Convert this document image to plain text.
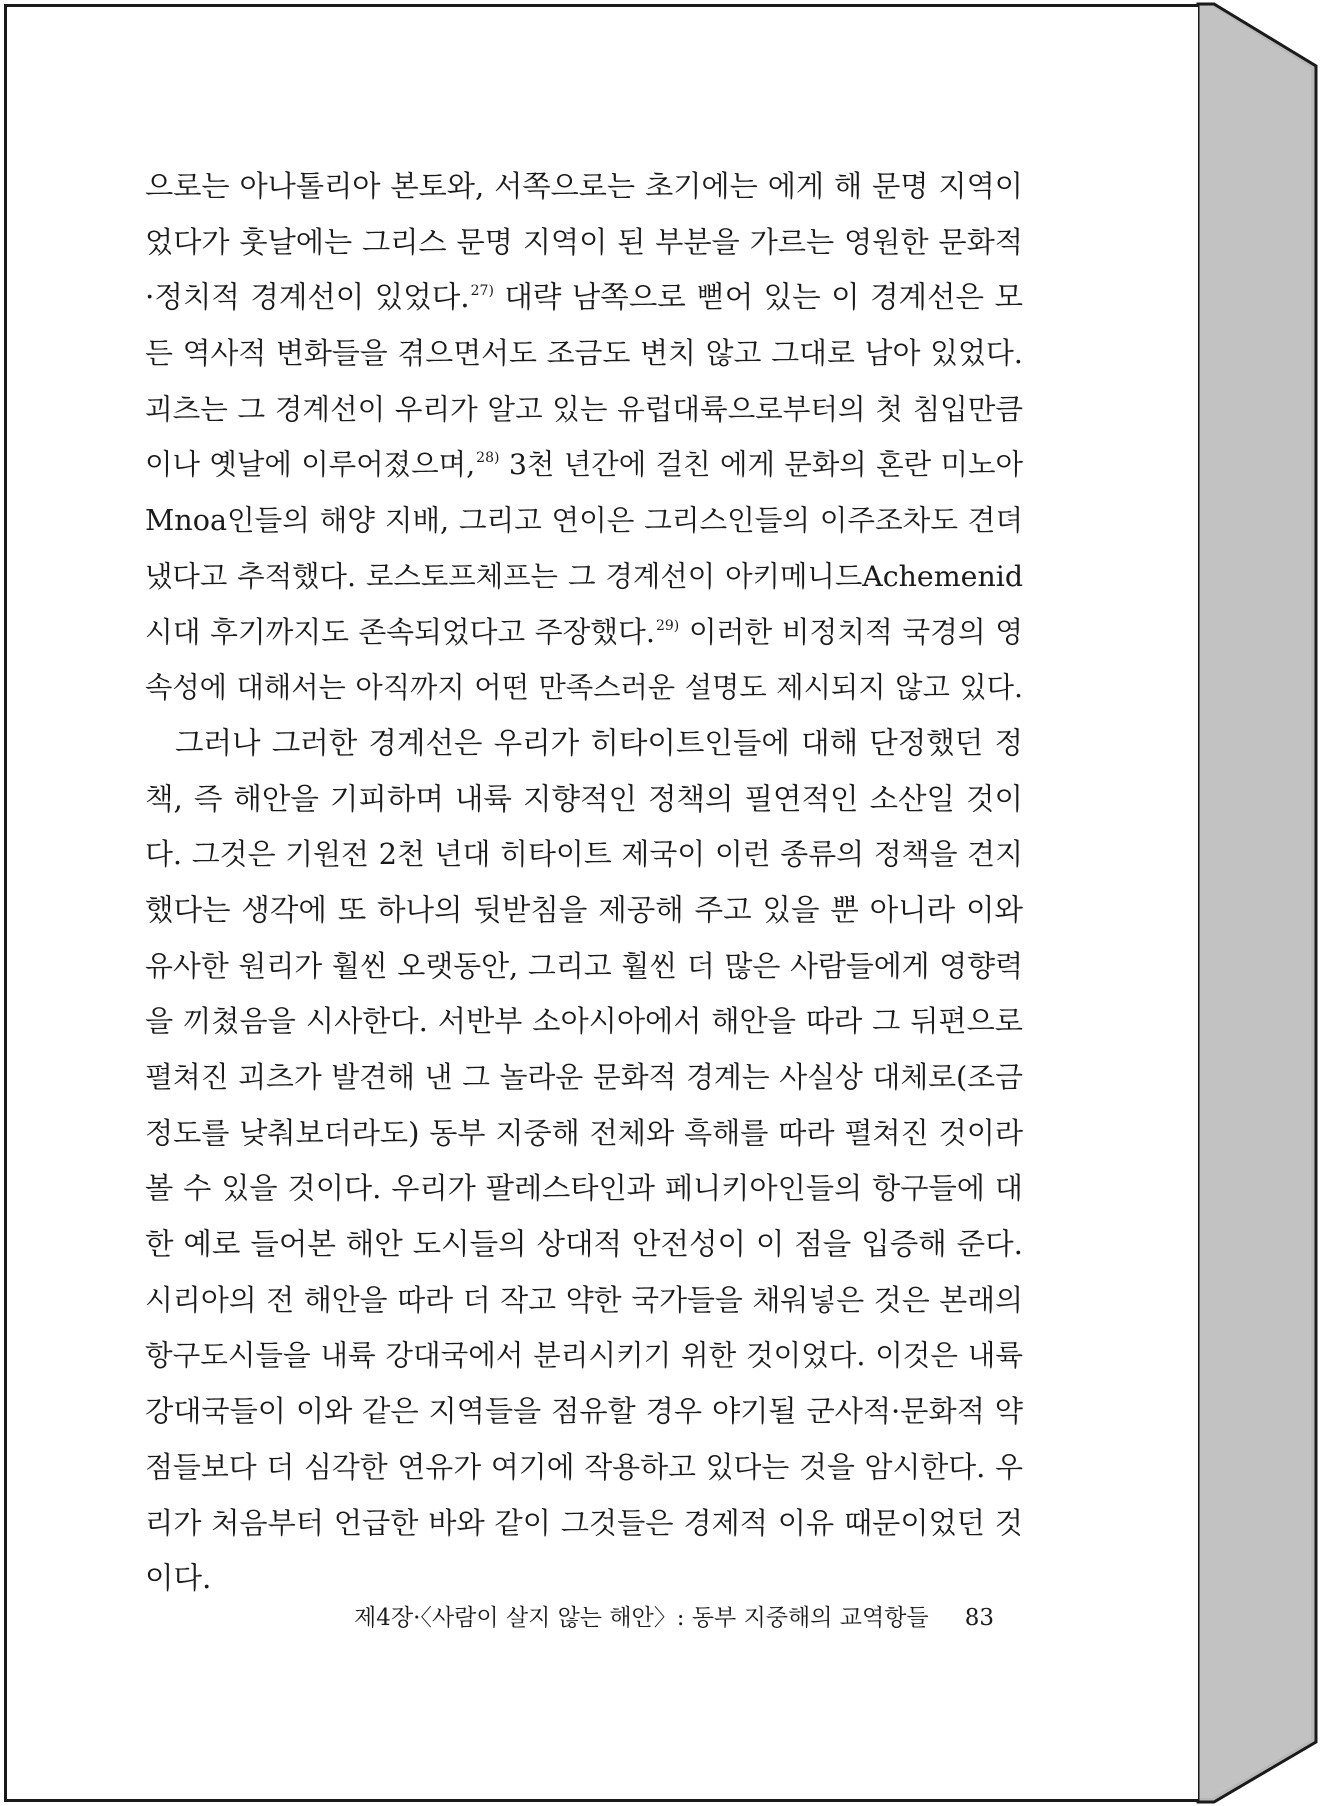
으로는 아나톨리아 본토와, 서쪽으로는 초기에는 에게 해 문명 지역이
었다가 훗날에는 그리스 문명 지역이 된 부분을 가르는 영원한 문화적
·정치적 경계선이 있었다.$^{27)}$ 대략 남쪽으로 뻗어 있는 이 경계선은 모
든 역사적 변화들을 겪으면서도 조금도 변치 않고 그대로 남아 있었다.
괴츠는 그 경계선이 우리가 알고 있는 유럽대륙으로부터의 첫 침입만큼
이나 옛날에 이루어졌으며,$^{28)}$ 3천 년간에 걸친 에게 문화의 혼란 미노아
Mnoa인들의 해양 지배, 그리고 연이은 그리스인들의 이주조차도 견뎌
냈다고 추적했다. 로스토프체프는 그 경계선이 아키메니드Achemenid
시대 후기까지도 존속되었다고 주장했다.$^{29)}$ 이러한 비정치적 국경의 영
속성에 대해서는 아직까지 어떤 만족스러운 설명도 제시되지 않고 있다.
그러나 그러한 경계선은 우리가 히타이트인들에 대해 단정했던 정
책, 즉 해안을 기피하며 내륙 지향적인 정책의 필연적인 소산일 것이
다. 그것은 기원전 2천 년대 히타이트 제국이 이런 종류의 정책을 견지
했다는 생각에 또 하나의 뒷받침을 제공해 주고 있을 뿐 아니라 이와
유사한 원리가 훨씬 오랫동안, 그리고 훨씬 더 많은 사람들에게 영향력
을 끼쳤음을 시사한다. 서반부 소아시아에서 해안을 따라 그 뒤편으로
펼쳐진 괴츠가 발견해 낸 그 놀라운 문화적 경계는 사실상 대체로(조금
정도를 낮춰보더라도) 동부 지중해 전체와 흑해를 따라 펼쳐진 것이라
볼 수 있을 것이다. 우리가 팔레스타인과 페니키아인들의 항구들에 대
한 예로 들어본 해안 도시들의 상대적 안전성이 이 점을 입증해 준다.
시리아의 전 해안을 따라 더 작고 약한 국가들을 채워넣은 것은 본래의
항구도시들을 내륙 강대국에서 분리시키기 위한 것이었다. 이것은 내륙
강대국들이 이와 같은 지역들을 점유할 경우 야기될 군사적·문화적 약
점들보다 더 심각한 연유가 여기에 작용하고 있다는 것을 암시한다. 우
리가 처음부터 언급한 바와 같이 그것들은 경제적 이유 때문이었던 것
이다.
제4장·〈사람이 살지 않는 해안〉: 동부 지중해의 교역항들 83
